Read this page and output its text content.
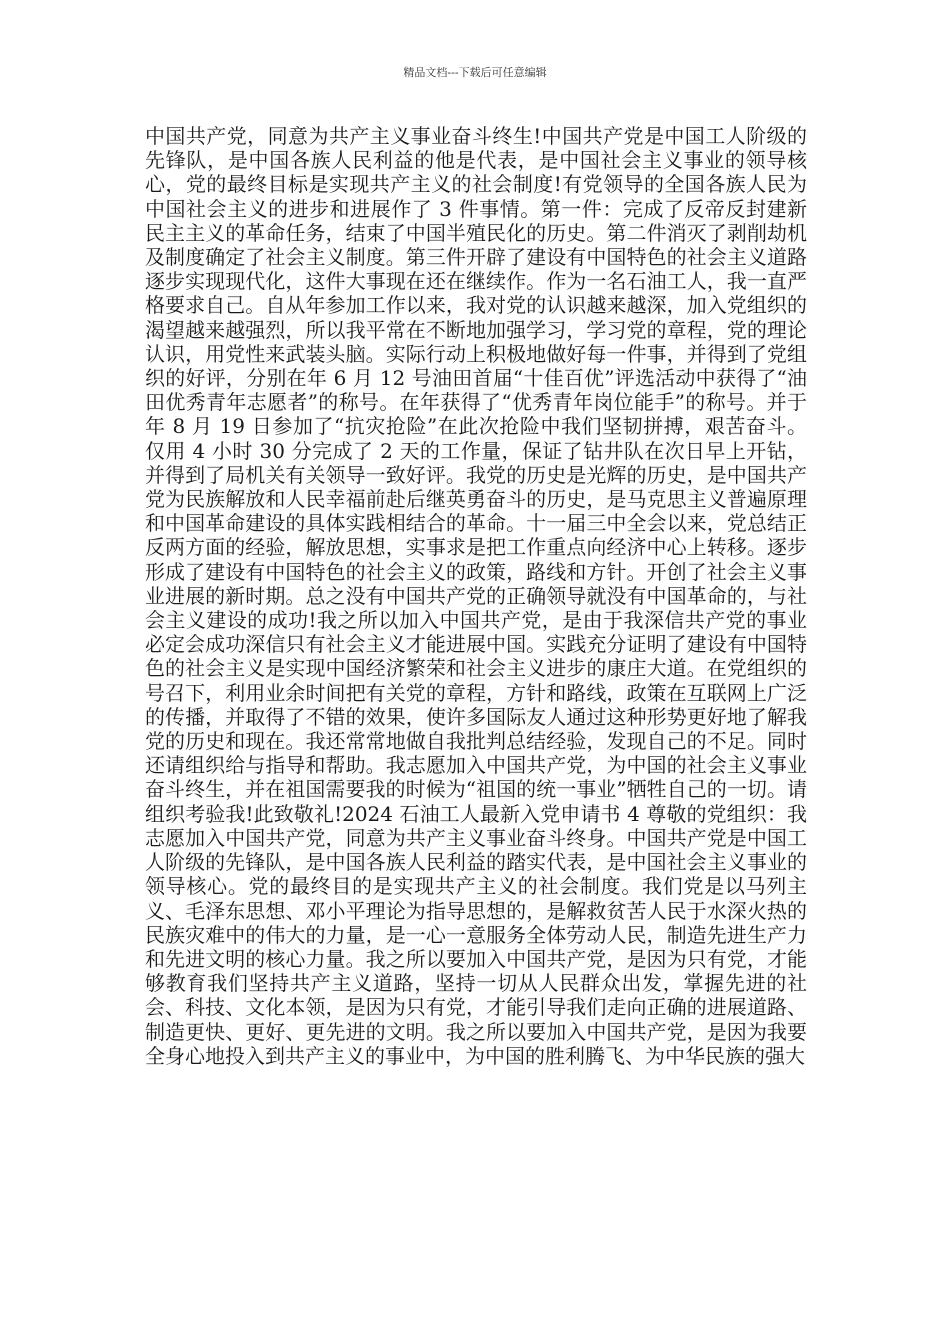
精品文档---下载后可任意编辑

中国共产党，同意为共产主义事业奋斗终生!中国共产党是中国工人阶级的先锋队，是中国各族人民利益的他是代表，是中国社会主义事业的领导核心，党的最终目标是实现共产主义的社会制度!有党领导的全国各族人民为中国社会主义的进步和进展作了 3 件事情。第一件：完成了反帝反封建新民主主义的革命任务，结束了中国半殖民化的历史。第二件消灭了剥削劫机及制度确定了社会主义制度。第三件开辟了建设有中国特色的社会主义道路逐步实现现代化，这件大事现在还在继续作。作为一名石油工人，我一直严格要求自己。自从年参加工作以来，我对党的认识越来越深，加入党组织的渴望越来越强烈，所以我平常在不断地加强学习，学习党的章程，党的理论认识，用党性来武装头脑。实际行动上积极地做好每一件事，并得到了党组织的好评，分别在年 6 月 12 号油田首届“十佳百优”评选活动中获得了“油田优秀青年志愿者”的称号。在年获得了“优秀青年岗位能手”的称号。并于年 8 月 19 日参加了“抗灾抢险”在此次抢险中我们坚韧拼搏，艰苦奋斗。仅用 4 小时 30 分完成了 2 天的工作量，保证了钻井队在次日早上开钻，并得到了局机关有关领导一致好评。我党的历史是光辉的历史，是中国共产党为民族解放和人民幸福前赴后继英勇奋斗的历史，是马克思主义普遍原理和中国革命建设的具体实践相结合的革命。十一届三中全会以来，党总结正反两方面的经验，解放思想，实事求是把工作重点向经济中心上转移。逐步形成了建设有中国特色的社会主义的政策，路线和方针。开创了社会主义事业进展的新时期。总之没有中国共产党的正确领导就没有中国革命的，与社会主义建设的成功!我之所以加入中国共产党，是由于我深信共产党的事业必定会成功深信只有社会主义才能进展中国。实践充分证明了建设有中国特色的社会主义是实现中国经济繁荣和社会主义进步的康庄大道。在党组织的号召下，利用业余时间把有关党的章程，方针和路线，政策在互联网上广泛的传播，并取得了不错的效果，使许多国际友人通过这种形势更好地了解我党的历史和现在。我还常常地做自我批判总结经验，发现自己的不足。同时还请组织给与指导和帮助。我志愿加入中国共产党，为中国的社会主义事业奋斗终生，并在祖国需要我的时候为“祖国的统一事业”牺牲自己的一切。请组织考验我!此致敬礼!2024 石油工人最新入党申请书 4 尊敬的党组织：我志愿加入中国共产党，同意为共产主义事业奋斗终身。中国共产党是中国工人阶级的先锋队，是中国各族人民利益的踏实代表，是中国社会主义事业的领导核心。党的最终目的是实现共产主义的社会制度。我们党是以马列主义、毛泽东思想、邓小平理论为指导思想的，是解救贫苦人民于水深火热的民族灾难中的伟大的力量，是一心一意服务全体劳动人民，制造先进生产力和先进文明的核心力量。我之所以要加入中国共产党，是因为只有党，才能够教育我们坚持共产主义道路，坚持一切从人民群众出发，掌握先进的社会、科技、文化本领，是因为只有党，才能引导我们走向正确的进展道路、制造更快、更好、更先进的文明。我之所以要加入中国共产党，是因为我要全身心地投入到共产主义的事业中，为中国的胜利腾飞、为中华民族的强大
